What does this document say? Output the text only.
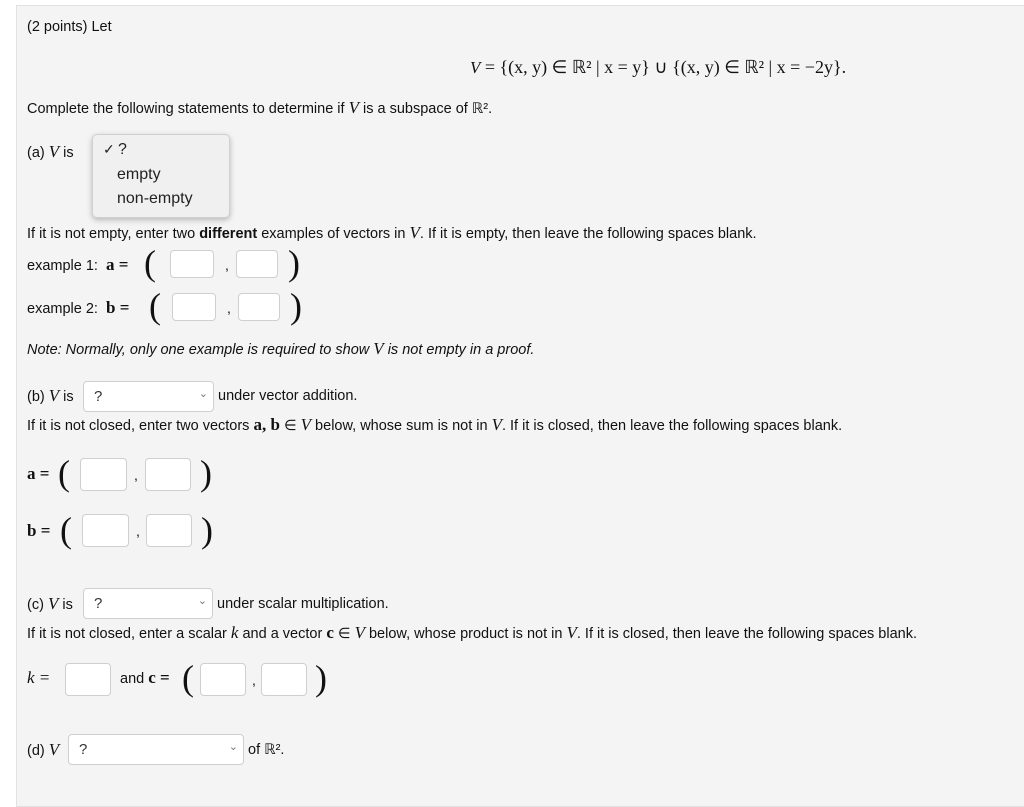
(2 points) Let
V = {(x, y) ∈ ℝ² | x = y} ∪ {(x, y) ∈ ℝ² | x = −2y}.
Complete the following statements to determine if V is a subspace of ℝ².
(a) V is
If it is not empty, enter two different examples of vectors in V. If it is empty, then leave the following spaces blank.
example 1: a = (	, )
example 2: b = (	, )
Note: Normally, only one example is required to show V is not empty in a proof.
✓ ?
empty
non-empty
(b) V is ?	⌄ under vector addition.
If it is not closed, enter two vectors a, b ∈ V below, whose sum is not in V. If it is closed, then leave the following spaces blank.
a = (	, )
b = (	, )
(c) V is ?	⌄ under scalar multiplication.
If it is not closed, enter a scalar k and a vector c ∈ V below, whose product is not in V. If it is closed, then leave the following spaces blank.
k =	and c = (	, )
(d) V ?	⌄ of ℝ².
